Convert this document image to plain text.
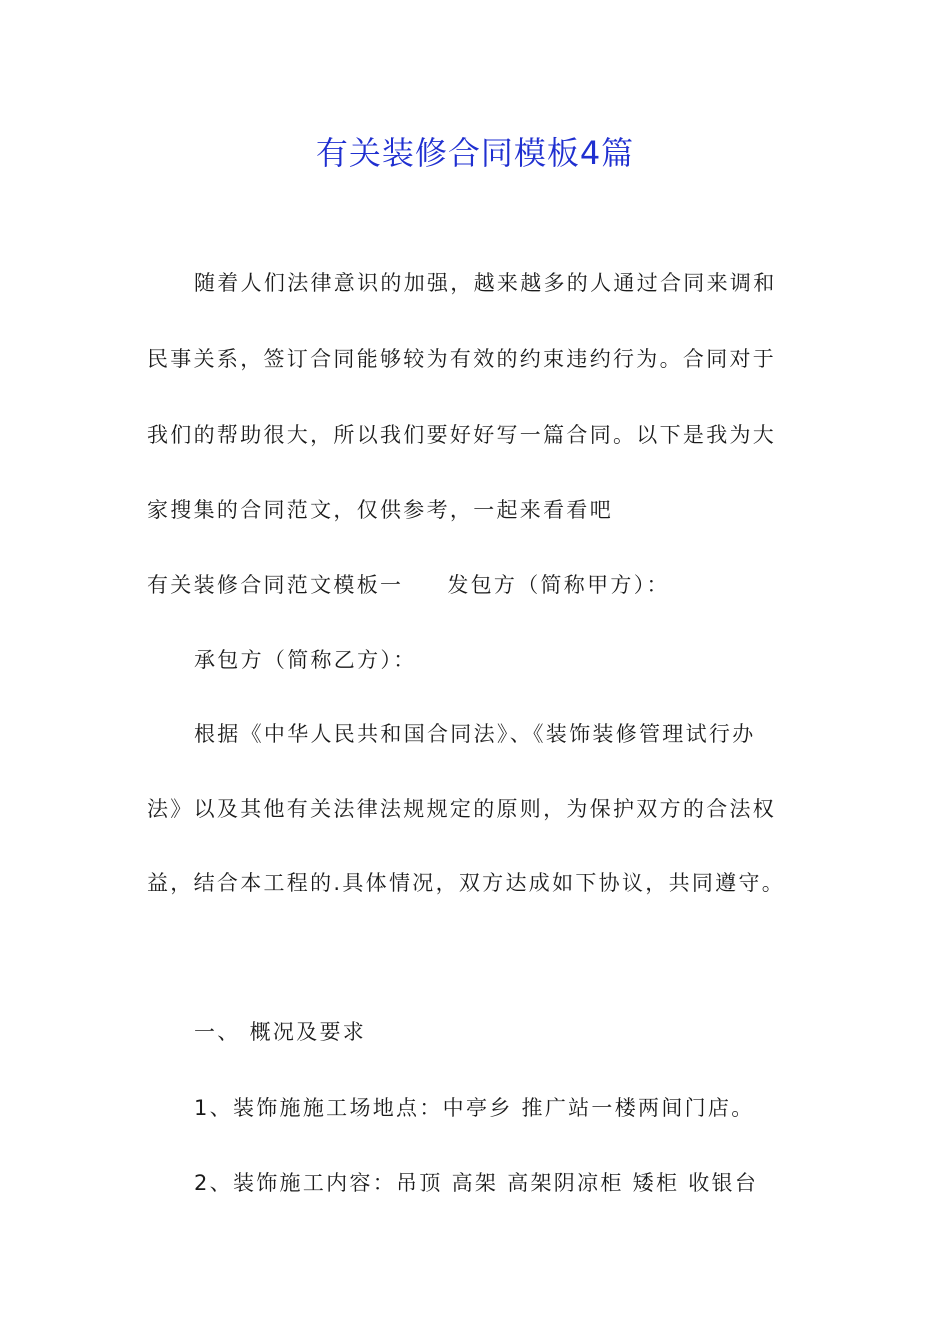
有关装修合同模板4篇
随着人们法律意识的加强，越来越多的人通过合同来调和
民事关系，签订合同能够较为有效的约束违约行为。合同对于
我们的帮助很大，所以我们要好好写一篇合同。以下是我为大
家搜集的合同范文，仅供参考，一起来看看吧
有关装修合同范文模板一 发包方（简称甲方）：
承包方（简称乙方）：
根据《中华人民共和国合同法》、《装饰装修管理试行办
法》以及其他有关法律法规规定的原则，为保护双方的合法权
益，结合本工程的.具体情况，双方达成如下协议，共同遵守。
一、 概况及要求
1、装饰施施工场地点：中亭乡 推广站一楼两间门店。
2、装饰施工内容：吊顶 高架 高架阴凉柜 矮柜 收银台
